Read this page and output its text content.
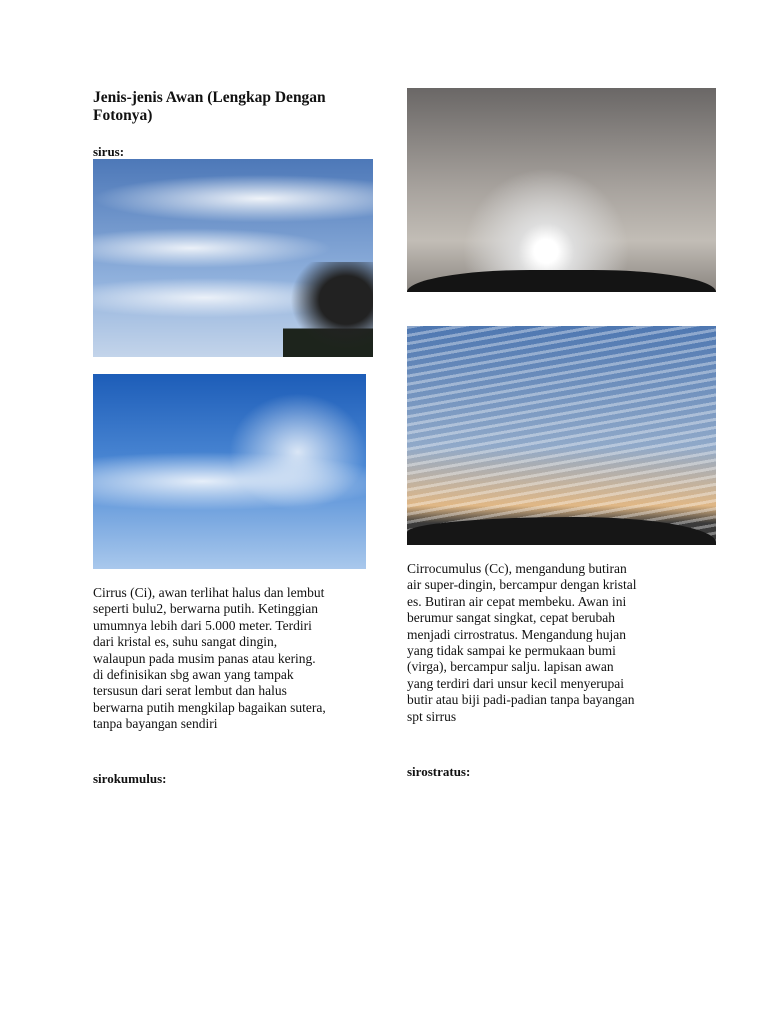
Jenis-jenis Awan (Lengkap Dengan
Fotonya)
sirus:
Cirrus (Ci), awan terlihat halus dan lembut
seperti bulu2, berwarna putih. Ketinggian
umumnya lebih dari 5.000 meter. Terdiri
dari kristal es, suhu sangat dingin,
walaupun pada musim panas atau kering.
di definisikan sbg awan yang tampak
tersusun dari serat lembut dan halus
berwarna putih mengkilap bagaikan sutera,
tanpa bayangan sendiri
sirokumulus:
Cirrocumulus (Cc), mengandung butiran
air super-dingin, bercampur dengan kristal
es. Butiran air cepat membeku. Awan ini
berumur sangat singkat, cepat berubah
menjadi cirrostratus. Mengandung hujan
yang tidak sampai ke permukaan bumi
(virga), bercampur salju. lapisan awan
yang terdiri dari unsur kecil menyerupai
butir atau biji padi-padian tanpa bayangan
spt sirrus
sirostratus:
